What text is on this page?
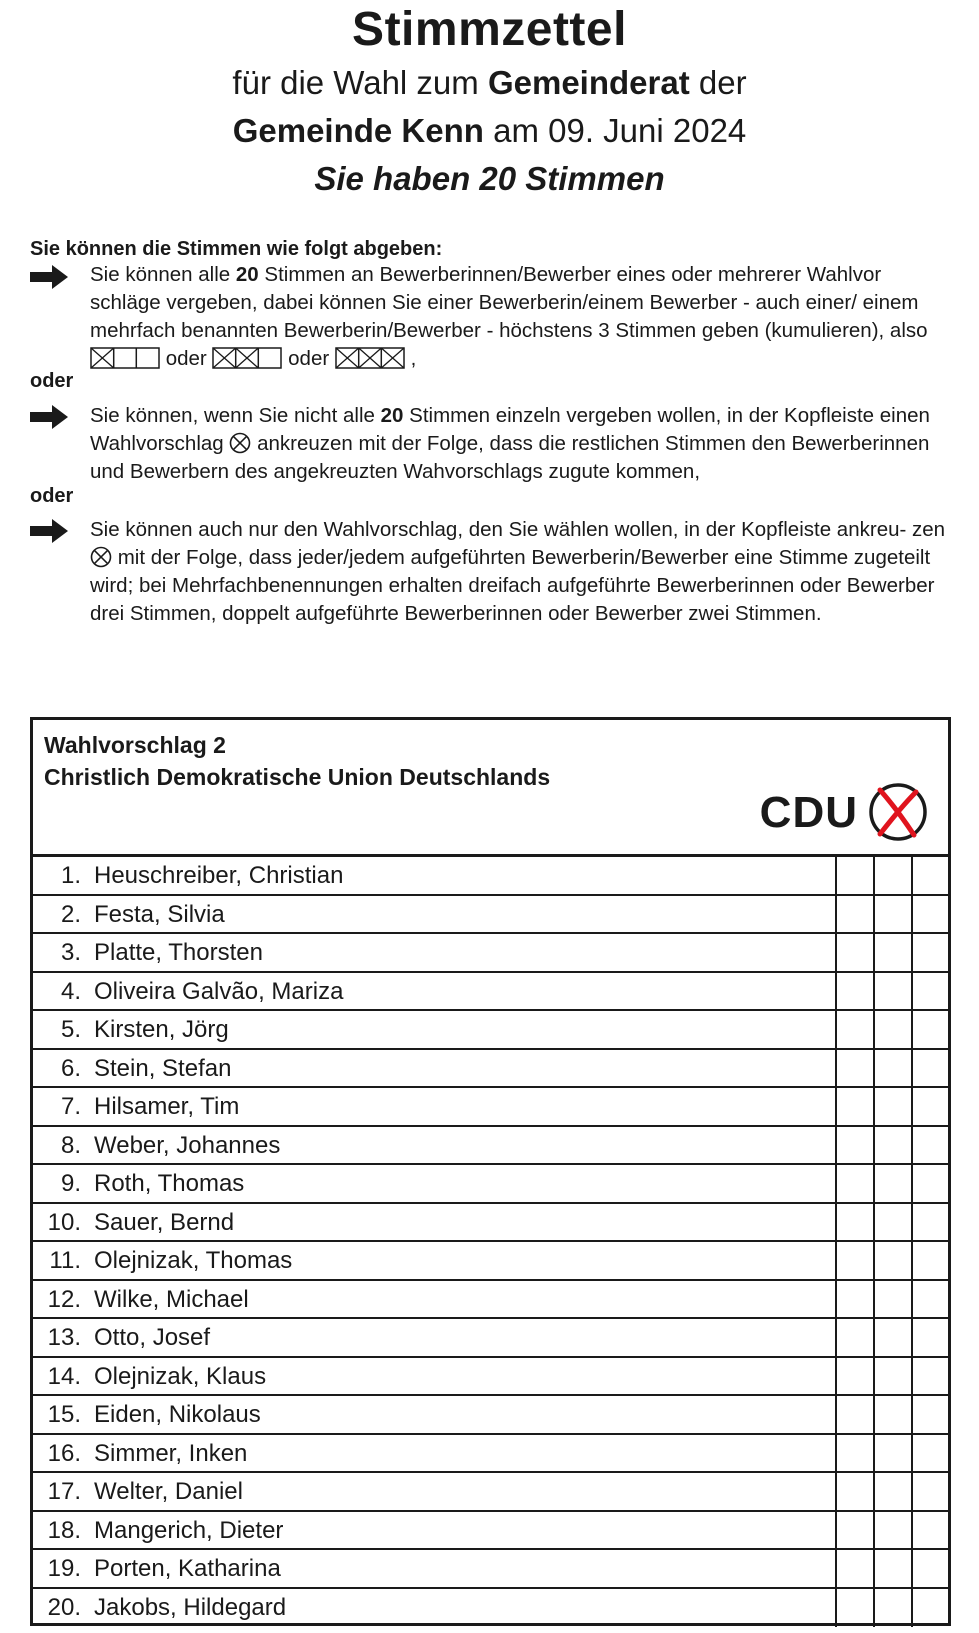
Stimmzettel
für die Wahl zum Gemeinderat der
Gemeinde Kenn am 09. Juni 2024
Sie haben 20 Stimmen
Sie können die Stimmen wie folgt abgeben:
Sie können alle 20 Stimmen an Bewerberinnen/Bewerber eines oder mehrerer Wahlvor schläge vergeben, dabei können Sie einer Bewerberin/einem Bewerber - auch einer/ einem mehrfach benannten Bewerberin/Bewerber - höchstens 3 Stimmen geben (kumulieren), also  oder	oder	,
oder
Sie können, wenn Sie nicht alle 20 Stimmen einzeln vergeben wollen, in der Kopfleiste einen Wahlvorschlag ankreuzen mit der Folge, dass die restlichen Stimmen den Bewerberinnen und Bewerbern des angekreuzten Wahvorschlags zugute kommen,
oder
Sie können auch nur den Wahlvorschlag, den Sie wählen wollen, in der Kopfleiste ankreu- zen  mit der Folge, dass jeder/jedem aufgeführten Bewerberin/Bewerber eine Stimme zugeteilt wird; bei Mehrfachbenennungen erhalten dreifach aufgeführte Bewerberinnen oder Bewerber drei Stimmen, doppelt aufgeführte Bewerberinnen oder Bewerber zwei Stimmen.
Wahlvorschlag 2
Christlich Demokratische Union Deutschlands
CDU
1. Heuschreiber, Christian
2. Festa, Silvia
3. Platte, Thorsten
4. Oliveira Galvão, Mariza
5. Kirsten, Jörg
6. Stein, Stefan
7. Hilsamer, Tim
8. Weber, Johannes
9. Roth, Thomas
10. Sauer, Bernd
11. Olejnizak, Thomas
12. Wilke, Michael
13. Otto, Josef
14. Olejnizak, Klaus
15. Eiden, Nikolaus
16. Simmer, Inken
17. Welter, Daniel
18. Mangerich, Dieter
19. Porten, Katharina
20. Jakobs, Hildegard
